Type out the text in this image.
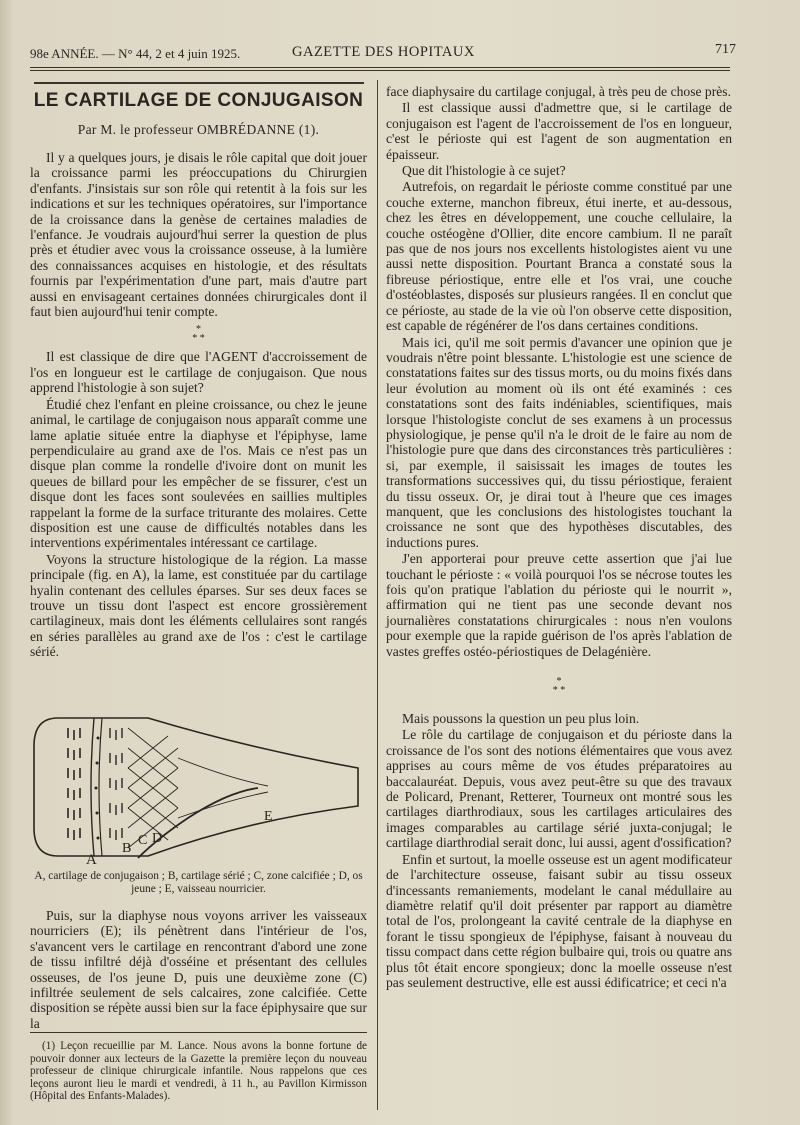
98e ANNÉE. — N° 44, 2 et 4 juin 1925.	GAZETTE DES HOPITAUX	717
LE CARTILAGE DE CONJUGAISON
Par M. le professeur OMBRÉDANNE (1).

Il y a quelques jours, je disais le rôle capital que doit jouer la croissance parmi les préoccupations du Chirurgien d'enfants. J'insistais sur son rôle qui retentit à la fois sur les indications et sur les techniques opératoires, sur l'importance de la croissance dans la genèse de certaines maladies de l'enfance. Je voudrais aujourd'hui serrer la question de plus près et étudier avec vous la croissance osseuse, à la lumière des connaissances acquises en histologie, et des résultats fournis par l'expérimentation d'une part, mais d'autre part aussi en envisageant certaines données chirurgicales dont il faut bien aujourd'hui tenir compte.

*
* *

Il est classique de dire que l'AGENT d'accroissement de l'os en longueur est le cartilage de conjugaison. Que nous apprend l'histologie à son sujet?

Étudié chez l'enfant en pleine croissance, ou chez le jeune animal, le cartilage de conjugaison nous apparaît comme une lame aplatie située entre la diaphyse et l'épiphyse, lame perpendiculaire au grand axe de l'os. Mais ce n'est pas un disque plan comme la rondelle d'ivoire dont on munit les queues de billard pour les empêcher de se fissurer, c'est un disque dont les faces sont soulevées en saillies multiples rappelant la forme de la surface triturante des molaires. Cette disposition est une cause de difficultés notables dans les interventions expérimentales intéressant ce cartilage.

Voyons la structure histologique de la région. La masse principale (fig. en A), la lame, est constituée par du cartilage hyalin contenant des cellules éparses. Sur ses deux faces se trouve un tissu dont l'aspect est encore grossièrement cartilagineux, mais dont les éléments cellulaires sont rangés en séries parallèles au grand axe de l'os : c'est le cartilage sérié.

A
B
C D
E
A, cartilage de conjugaison ; B, cartilage sérié ; C, zone calcifiée ; D, os jeune ; E, vaisseau nourricier.

Puis, sur la diaphyse nous voyons arriver les vaisseaux nourriciers (E); ils pénètrent dans l'intérieur de l'os, s'avancent vers le cartilage en rencontrant d'abord une zone de tissu infiltré déjà d'osséine et présentant des cellules osseuses, de l'os jeune D, puis une deuxième zone (C) infiltrée seulement de sels calcaires, zone calcifiée. Cette disposition se répète aussi bien sur la face épiphysaire que sur la

(1) Leçon recueillie par M. Lance. Nous avons la bonne fortune de pouvoir donner aux lecteurs de la Gazette la première leçon du nouveau professeur de clinique chirurgicale infantile. Nous rappelons que ces leçons auront lieu le mardi et vendredi, à 11 h., au Pavillon Kirmisson (Hôpital des Enfants-Malades).

face diaphysaire du cartilage conjugal, à très peu de chose près.

Il est classique aussi d'admettre que, si le cartilage de conjugaison est l'agent de l'accroissement de l'os en longueur, c'est le périoste qui est l'agent de son augmentation en épaisseur.

Que dit l'histologie à ce sujet?

Autrefois, on regardait le périoste comme constitué par une couche externe, manchon fibreux, étui inerte, et au-dessous, chez les êtres en développement, une couche cellulaire, la couche ostéogène d'Ollier, dite encore cambium. Il ne paraît pas que de nos jours nos excellents histologistes aient vu une aussi nette disposition. Pourtant Branca a constaté sous la fibreuse périostique, entre elle et l'os vrai, une couche d'ostéoblastes, disposés sur plusieurs rangées. Il en conclut que ce périoste, au stade de la vie où l'on observe cette disposition, est capable de régénérer de l'os dans certaines conditions.

Mais ici, qu'il me soit permis d'avancer une opinion que je voudrais n'être point blessante. L'histologie est une science de constatations faites sur des tissus morts, ou du moins fixés dans leur évolution au moment où ils ont été examinés : ces constatations sont des faits indéniables, scientifiques, mais lorsque l'histologiste conclut de ses examens à un processus physiologique, je pense qu'il n'a le droit de le faire au nom de l'histologie pure que dans des circonstances très particulières : si, par exemple, il saisissait les images de toutes les transformations successives qui, du tissu périostique, feraient du tissu osseux. Or, je dirai tout à l'heure que ces images manquent, que les conclusions des histologistes touchant la croissance ne sont que des hypothèses discutables, des inductions pures.

J'en apporterai pour preuve cette assertion que j'ai lue touchant le périoste : « voilà pourquoi l'os se nécrose toutes les fois qu'on pratique l'ablation du périoste qui le nourrit », affirmation qui ne tient pas une seconde devant nos journalières constatations chirurgicales : nous n'en voulons pour exemple que la rapide guérison de l'os après l'ablation de vastes greffes ostéo-périostiques de Delagénière.

*
* *

Mais poussons la question un peu plus loin.

Le rôle du cartilage de conjugaison et du périoste dans la croissance de l'os sont des notions élémentaires que vous avez apprises au cours même de vos études préparatoires au baccalauréat. Depuis, vous avez peut-être su que des travaux de Policard, Prenant, Retterer, Tourneux ont montré sous les cartilages diarthrodiaux, sous les cartilages articulaires des images comparables au cartilage sérié juxta-conjugal; le cartilage diarthrodial serait donc, lui aussi, agent d'ossification?

Enfin et surtout, la moelle osseuse est un agent modificateur de l'architecture osseuse, faisant subir au tissu osseux d'incessants remaniements, modelant le canal médullaire au diamètre relatif qu'il doit présenter par rapport au diamètre total de l'os, prolongeant la cavité centrale de la diaphyse en forant le tissu spongieux de l'épiphyse, faisant à nouveau du tissu compact dans cette région bulbaire qui, trois ou quatre ans plus tôt était encore spongieux; donc la moelle osseuse n'est pas seulement destructive, elle est aussi édificatrice; et ceci n'a
